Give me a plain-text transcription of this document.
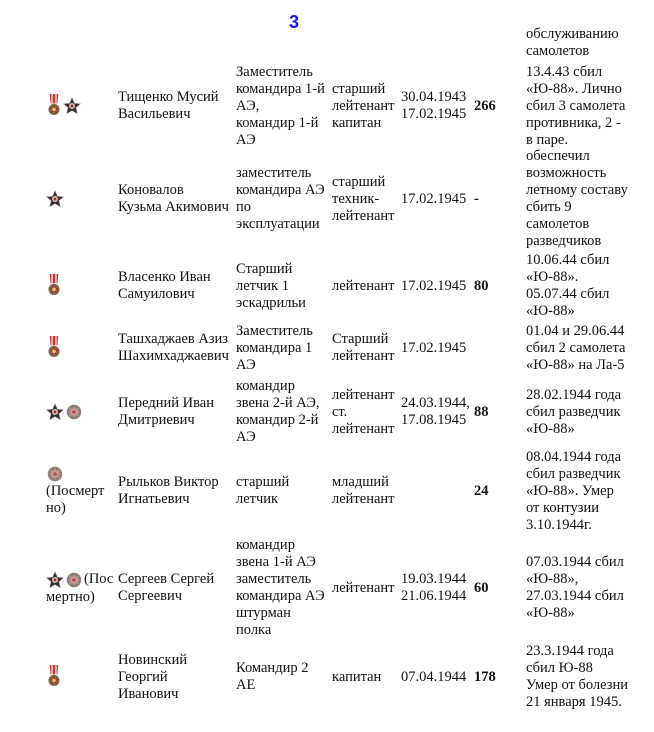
3
обслуживанию
самолетов
Тищенко Мусий
Васильевич
Заместитель
командира 1-й
АЭ,
командир 1-й
АЭ
старший
лейтенант
капитан
30.04.1943
17.02.1945
266
13.4.43 сбил
«Ю-88». Лично
сбил 3 самолета
противника, 2 -
в паре.
Коновалов
Кузьма Акимович
заместитель
командира АЭ
по
эксплуатации
старший
техник-
лейтенант
17.02.1945 -
обеспечил
возможность
летному составу
сбить 9
самолетов
разведчиков
Власенко Иван
Самуилович
Старший
летчик 1
эскадрильи
лейтенант 17.02.1945 80
10.06.44 сбил
«Ю-88».
05.07.44 сбил
«Ю-88»
Ташхаджаев Азиз
Шахимхаджаевич
Заместитель
командира 1
АЭ
Старший
лейтенант
17.02.1945
01.04 и 29.06.44
сбил 2 самолета
«Ю-88» на Ла-5
Передний Иван
Дмитриевич
командир
звена 2-й АЭ,
командир 2-й
АЭ
лейтенант
ст.
лейтенант
24.03.1944,
17.08.1945
88
28.02.1944 года
сбил разведчик
«Ю-88»
(Посмерт
но)
Рыльков Виктор
Игнатьевич
старший
летчик
младший
лейтенант
24
08.04.1944 года
сбил разведчик
«Ю-88». Умер
от контузии
3.10.1944г.
(Пос
мертно)
Сергеев Сергей
Сергеевич
командир
звена 1-й АЭ
заместитель
командира АЭ
штурман
полка
лейтенант
19.03.1944
21.06.1944
60
07.03.1944 сбил
«Ю-88»,
27.03.1944 сбил
«Ю-88»
Новинский
Георгий
Иванович
Командир 2
АЕ
капитан	07.04.1944 178
23.3.1944 года
сбил Ю-88
Умер от болезни
21 января 1945.
